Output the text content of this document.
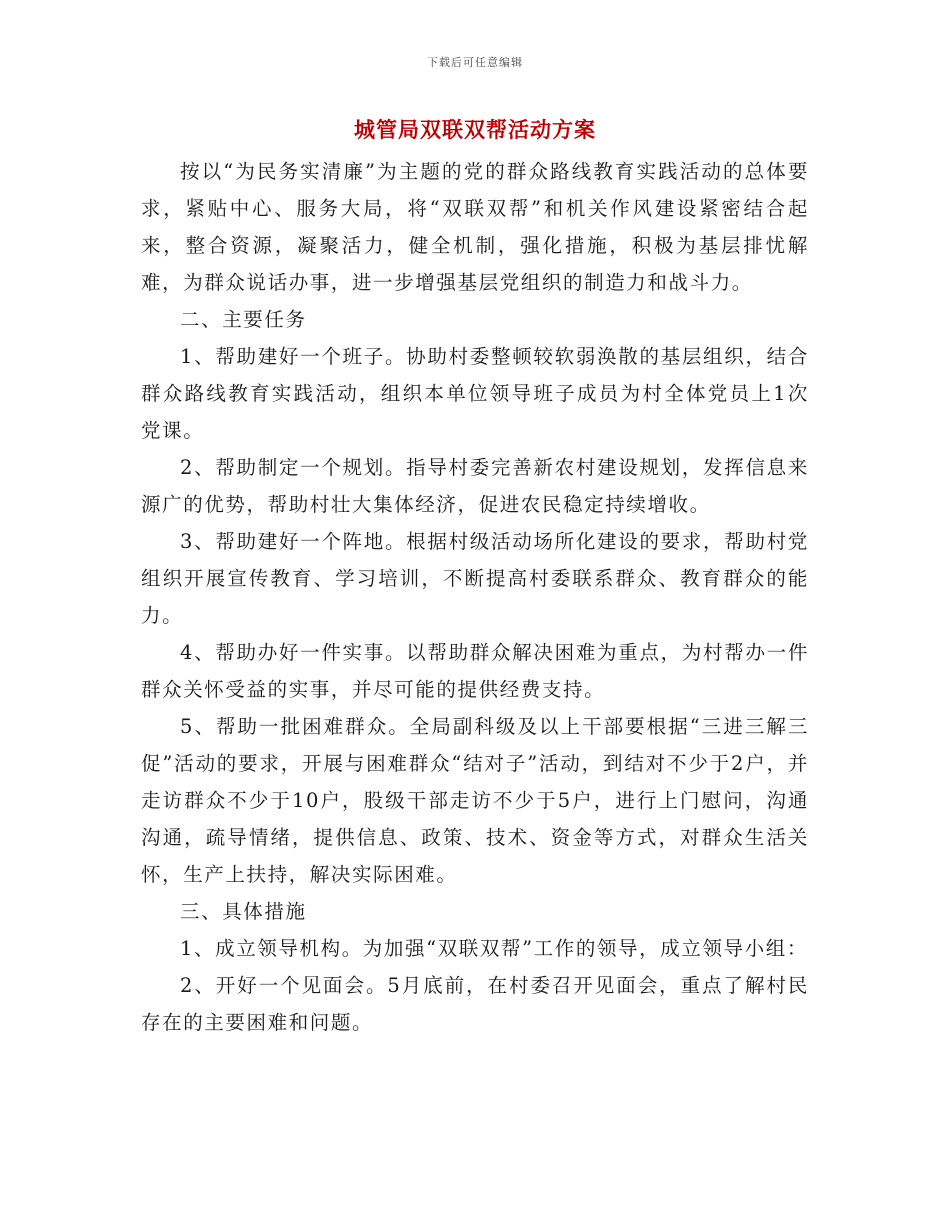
下载后可任意编辑
城管局双联双帮活动方案

按以“为民务实清廉”为主题的党的群众路线教育实践活动的总体要求，紧贴中心、服务大局，将“双联双帮”和机关作风建设紧密结合起来，整合资源，凝聚活力，健全机制，强化措施，积极为基层排忧解难，为群众说话办事，进一步增强基层党组织的制造力和战斗力。

二、主要任务

1、帮助建好一个班子。协助村委整顿较软弱涣散的基层组织，结合群众路线教育实践活动，组织本单位领导班子成员为村全体党员上1次党课。

2、帮助制定一个规划。指导村委完善新农村建设规划，发挥信息来源广的优势，帮助村壮大集体经济，促进农民稳定持续增收。

3、帮助建好一个阵地。根据村级活动场所化建设的要求，帮助村党组织开展宣传教育、学习培训，不断提高村委联系群众、教育群众的能力。

4、帮助办好一件实事。以帮助群众解决困难为重点，为村帮办一件群众关怀受益的实事，并尽可能的提供经费支持。

5、帮助一批困难群众。全局副科级及以上干部要根据“三进三解三促”活动的要求，开展与困难群众“结对子”活动，到结对不少于2户，并走访群众不少于10户，股级干部走访不少于5户，进行上门慰问，沟通沟通，疏导情绪，提供信息、政策、技术、资金等方式，对群众生活关怀，生产上扶持，解决实际困难。

三、具体措施

1、成立领导机构。为加强“双联双帮”工作的领导，成立领导小组：

2、开好一个见面会。5月底前，在村委召开见面会，重点了解村民存在的主要困难和问题。
